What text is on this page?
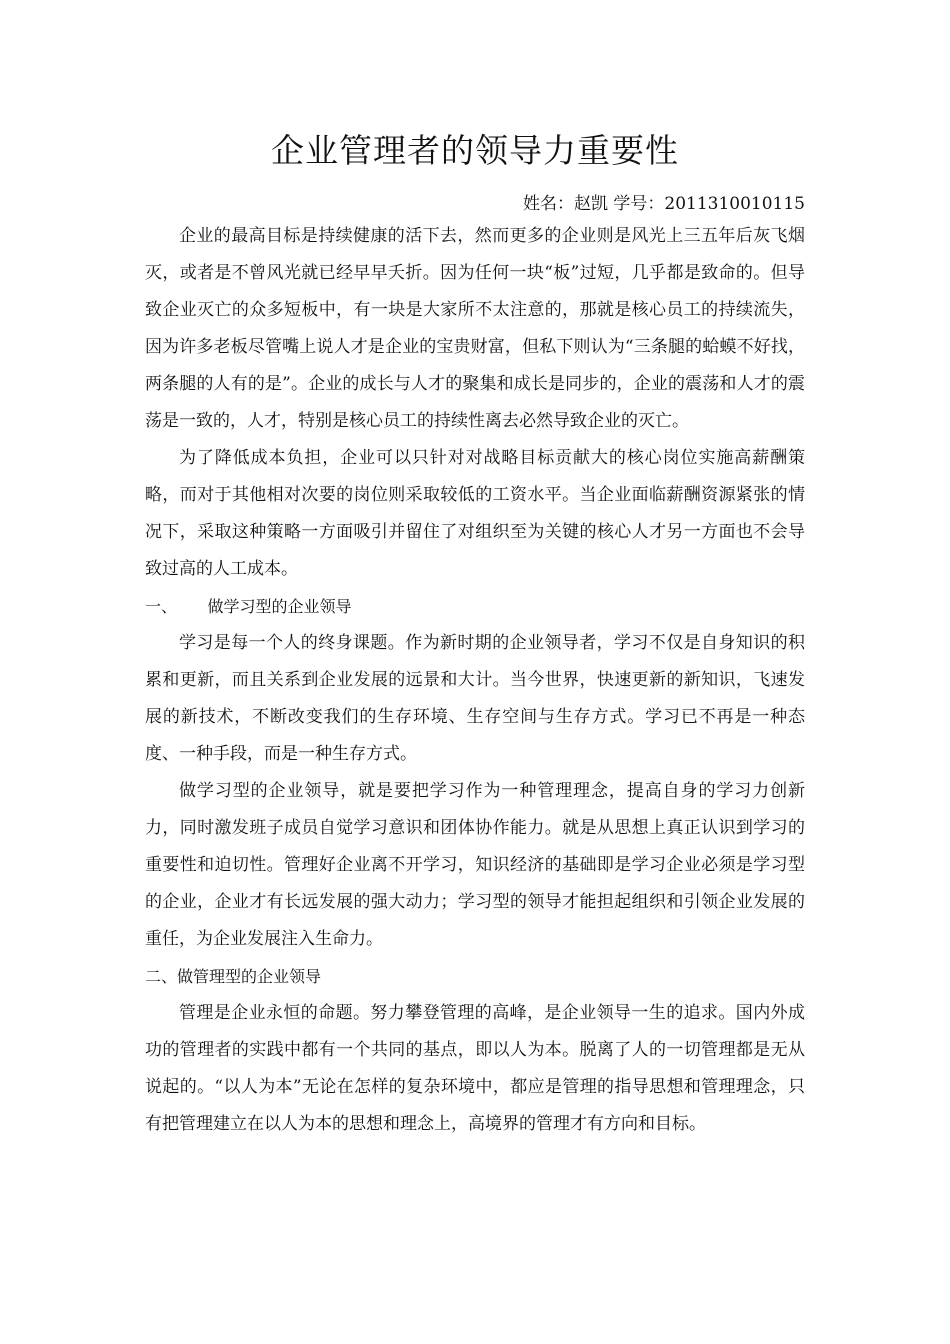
企业管理者的领导力重要性
姓名：赵凯 学号：2011310010115

企业的最高目标是持续健康的活下去，然而更多的企业则是风光上三五年后灰飞烟灭，或者是不曾风光就已经早早夭折。因为任何一块“板”过短，几乎都是致命的。但导致企业灭亡的众多短板中，有一块是大家所不太注意的，那就是核心员工的持续流失，因为许多老板尽管嘴上说人才是企业的宝贵财富，但私下则认为“三条腿的蛤蟆不好找，两条腿的人有的是”。企业的成长与人才的聚集和成长是同步的，企业的震荡和人才的震荡是一致的，人才，特别是核心员工的持续性离去必然导致企业的灭亡。

为了降低成本负担，企业可以只针对对战略目标贡献大的核心岗位实施高薪酬策略，而对于其他相对次要的岗位则采取较低的工资水平。当企业面临薪酬资源紧张的情况下，采取这种策略一方面吸引并留住了对组织至为关键的核心人才另一方面也不会导致过高的人工成本。

一、      做学习型的企业领导

学习是每一个人的终身课题。作为新时期的企业领导者，学习不仅是自身知识的积累和更新，而且关系到企业发展的远景和大计。当今世界，快速更新的新知识，飞速发展的新技术，不断改变我们的生存环境、生存空间与生存方式。学习已不再是一种态度、一种手段，而是一种生存方式。

做学习型的企业领导，就是要把学习作为一种管理理念，提高自身的学习力创新力，同时激发班子成员自觉学习意识和团体协作能力。就是从思想上真正认识到学习的重要性和迫切性。管理好企业离不开学习，知识经济的基础即是学习企业必须是学习型的企业，企业才有长远发展的强大动力；学习型的领导才能担起组织和引领企业发展的重任，为企业发展注入生命力。

二、做管理型的企业领导

管理是企业永恒的命题。努力攀登管理的高峰，是企业领导一生的追求。国内外成功的管理者的实践中都有一个共同的基点，即以人为本。脱离了人的一切管理都是无从说起的。“以人为本”无论在怎样的复杂环境中，都应是管理的指导思想和管理理念，只有把管理建立在以人为本的思想和理念上，高境界的管理才有方向和目标。
